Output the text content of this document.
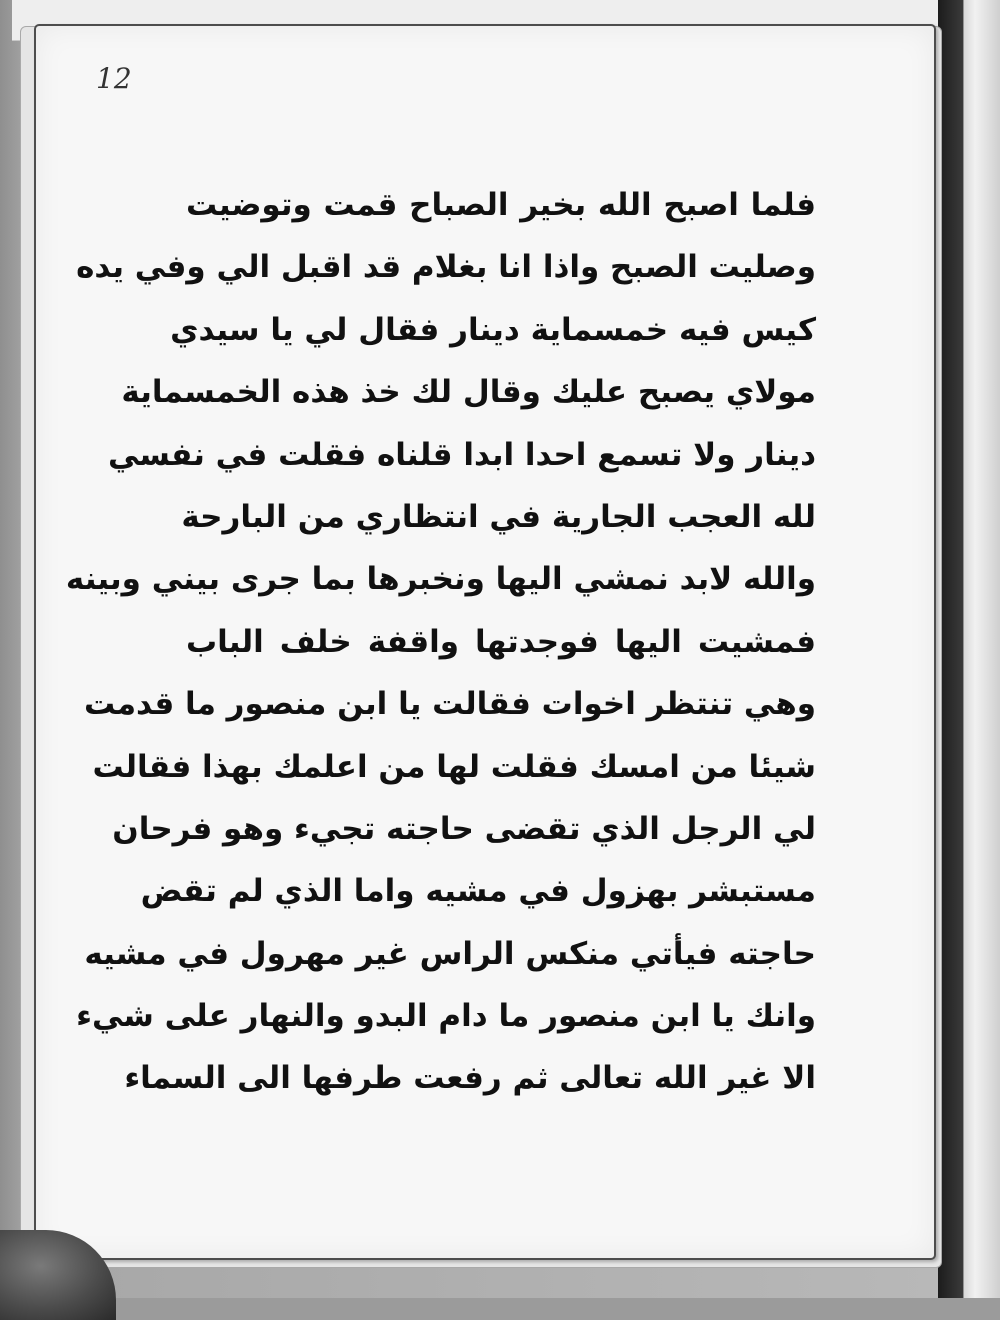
12
فلما اصبح الله بخير الصباح قمت وتوضيت
وصليت الصبح واذا انا بغلام قد اقبل الي وفي يده
كيس فيه خمسماية دينار فقال لي يا سيدي
مولاي يصبح عليك وقال لك خذ هذه الخمسماية
دينار ولا تسمع احدا ابدا قلناه فقلت في نفسي
لله العجب الجارية في انتظاري من البارحة
والله لابد نمشي اليها ونخبرها بما جرى بيني وبينه
فمشيت اليها فوجدتها واقفة خلف الباب
وهي تنتظر اخوات فقالت يا ابن منصور ما قدمت
شيئا من امسك فقلت لها من اعلمك بهذا فقالت
لي الرجل الذي تقضى حاجته تجيء وهو فرحان
مستبشر بهزول في مشيه واما الذي لم تقض
حاجته فيأتي منكس الراس غير مهرول في مشيه
وانك يا ابن منصور ما دام البدو والنهار على شيء
الا غير الله تعالى ثم رفعت طرفها الى السماء
